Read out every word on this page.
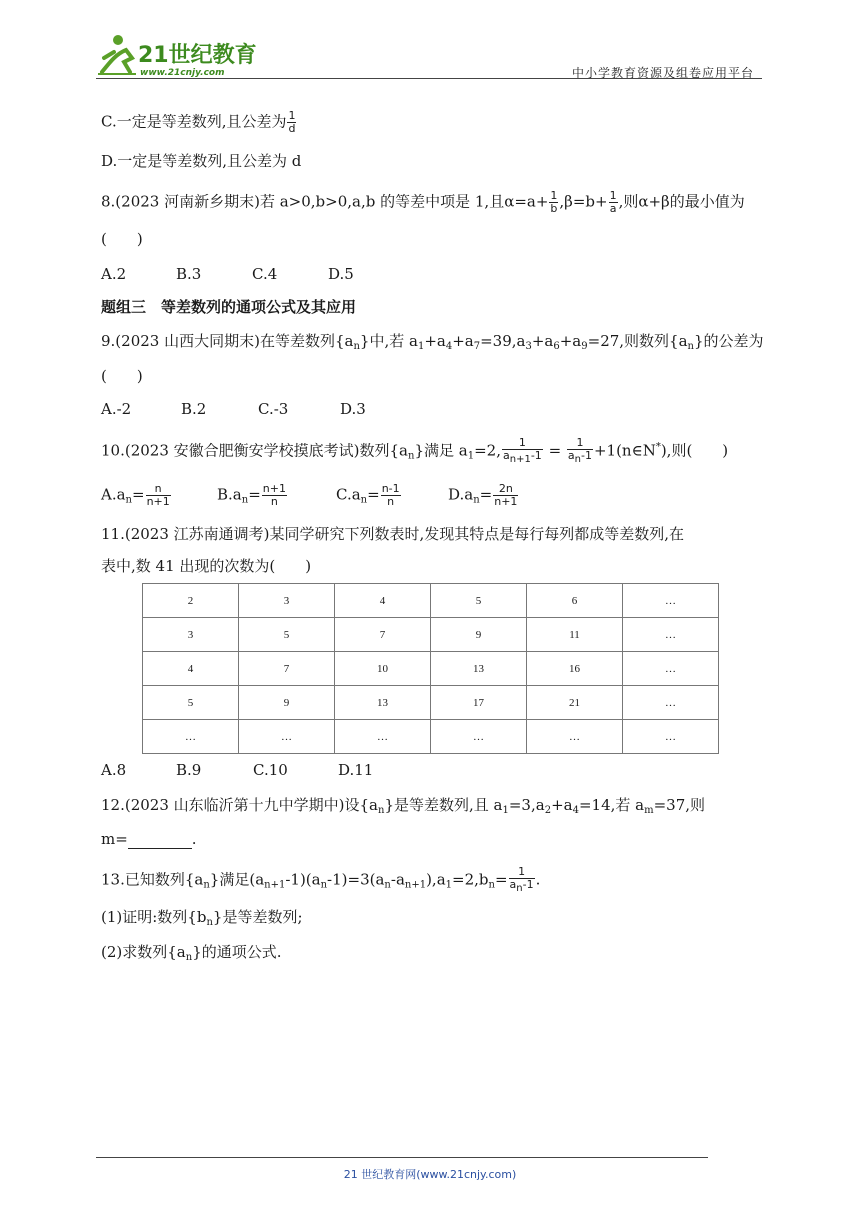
21世纪教育
www.21cnjy.com	中小学教育资源及组卷应用平台
C.一定是等差数列,且公差为 $\frac{1}{d}$
D.一定是等差数列,且公差为 d
8.(2023 河南新乡期末)若 a>0,b>0,a,b 的等差中项是 1,且$\alpha=a+ \frac{1}{b} ,\beta=b+ \frac{1}{a}$ ,则α+β的最小值为
(　　)
A.2	B.3	C.4	D.5
题组三　等差数列的通项公式及其应用
9.(2023 山西大同期末)在等差数列$\{a_n\}$中,若 $a_1+a_4+a_7=39,a_3+a_6+a_9=27$,则数列$\{a_n\}$的公差为
(　　)
A.-2	B.2	C.-3	D.3
10.(2023 安徽合肥衡安学校摸底考试)数列$\{a_n\}$满足 $a_1=2$, $\frac{1}{an+1-1} = \frac{1}{an-1}$ +1(n∈N*),则(　　)
$A.a_n= \frac{n}{n+1}$	$B.a_n= \frac{n+1}{n}$	$C.a_n= \frac{n-1}{n}$	$D.a_n= \frac{2n}{n+1}$
11.(2023 江苏南通调考)某同学研究下列数表时,发现其特点是每行每列都成等差数列,在
表中,数 41 出现的次数为(　　)
2	3	4	5	6	…
3	5	7	9	11	…
4	7	10	13	16	…
5	9	13	17	21	…
…	…	…	…	…	…
A.8	B.9	C.10	D.11
12.(2023 山东临沂第十九中学期中)设$\{a_n\}$是等差数列,且 $a_1=3,a_2+a_4=14$,若 $a_m=37$,则
m=	.
13.已知数列$\{a_n\}$满足$(a_{n+1}-1)(a_n-1)=3(a_n-a_{n+1}),a_1=2,b_n= \frac{1}{an-1}$ .
(1)证明:数列$\{b_n\}$是等差数列;
(2)求数列$\{a_n\}$的通项公式.
21 世纪教育网(www.21cnjy.com)
